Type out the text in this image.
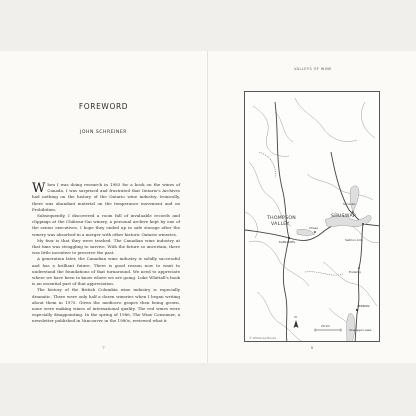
FOREWORD
JOHN SCHREINER

When I was doing research in 1983 for a book on the wines of Canada, I was surprised and frustrated that Ontario's Archives had nothing on the history of the Ontario wine industry. Ironically, there was abundant material on the temperance movement and on Prohibition.

Subsequently, I discovered a room full of invaluable records and clippings at the Château-Gai winery, a personal archive kept by one of the senior executives. I hope they ended up in safe storage after the winery was absorbed in a merger with other historic Ontario wineries.

My fear is that they were trashed. The Canadian wine industry at that time was struggling to survive. With the future so uncertain, there was little incentive to preserve the past.

A generation later, the Canadian wine industry is solidly successful and has a brilliant future. There is good reason now to want to understand the foundations of that turnaround. We need to appreciate where we have been to know where we are going. Luke Whittall's book is an essential part of that appreciation.

The history of the British Columbia wine industry is especially dramatic. There were only half a dozen wineries when I began writing about them in 1975. Given the mediocre grapes then being grown, none were making wines of international quality. The red wines were especially disappointing. In the spring of 1986, The Wine Consumer, a newsletter published in Vancouver in the 1980s, reviewed what it

7
VALLEYS OF WINE
SHUSWAP
THOMPSON
VALLEY
KAMLOOPS
Chase
Sorrento
Salmon Arm
Enderby
VERNON
Okanagan Lake
20 km
N
© Whitecap Books
8
